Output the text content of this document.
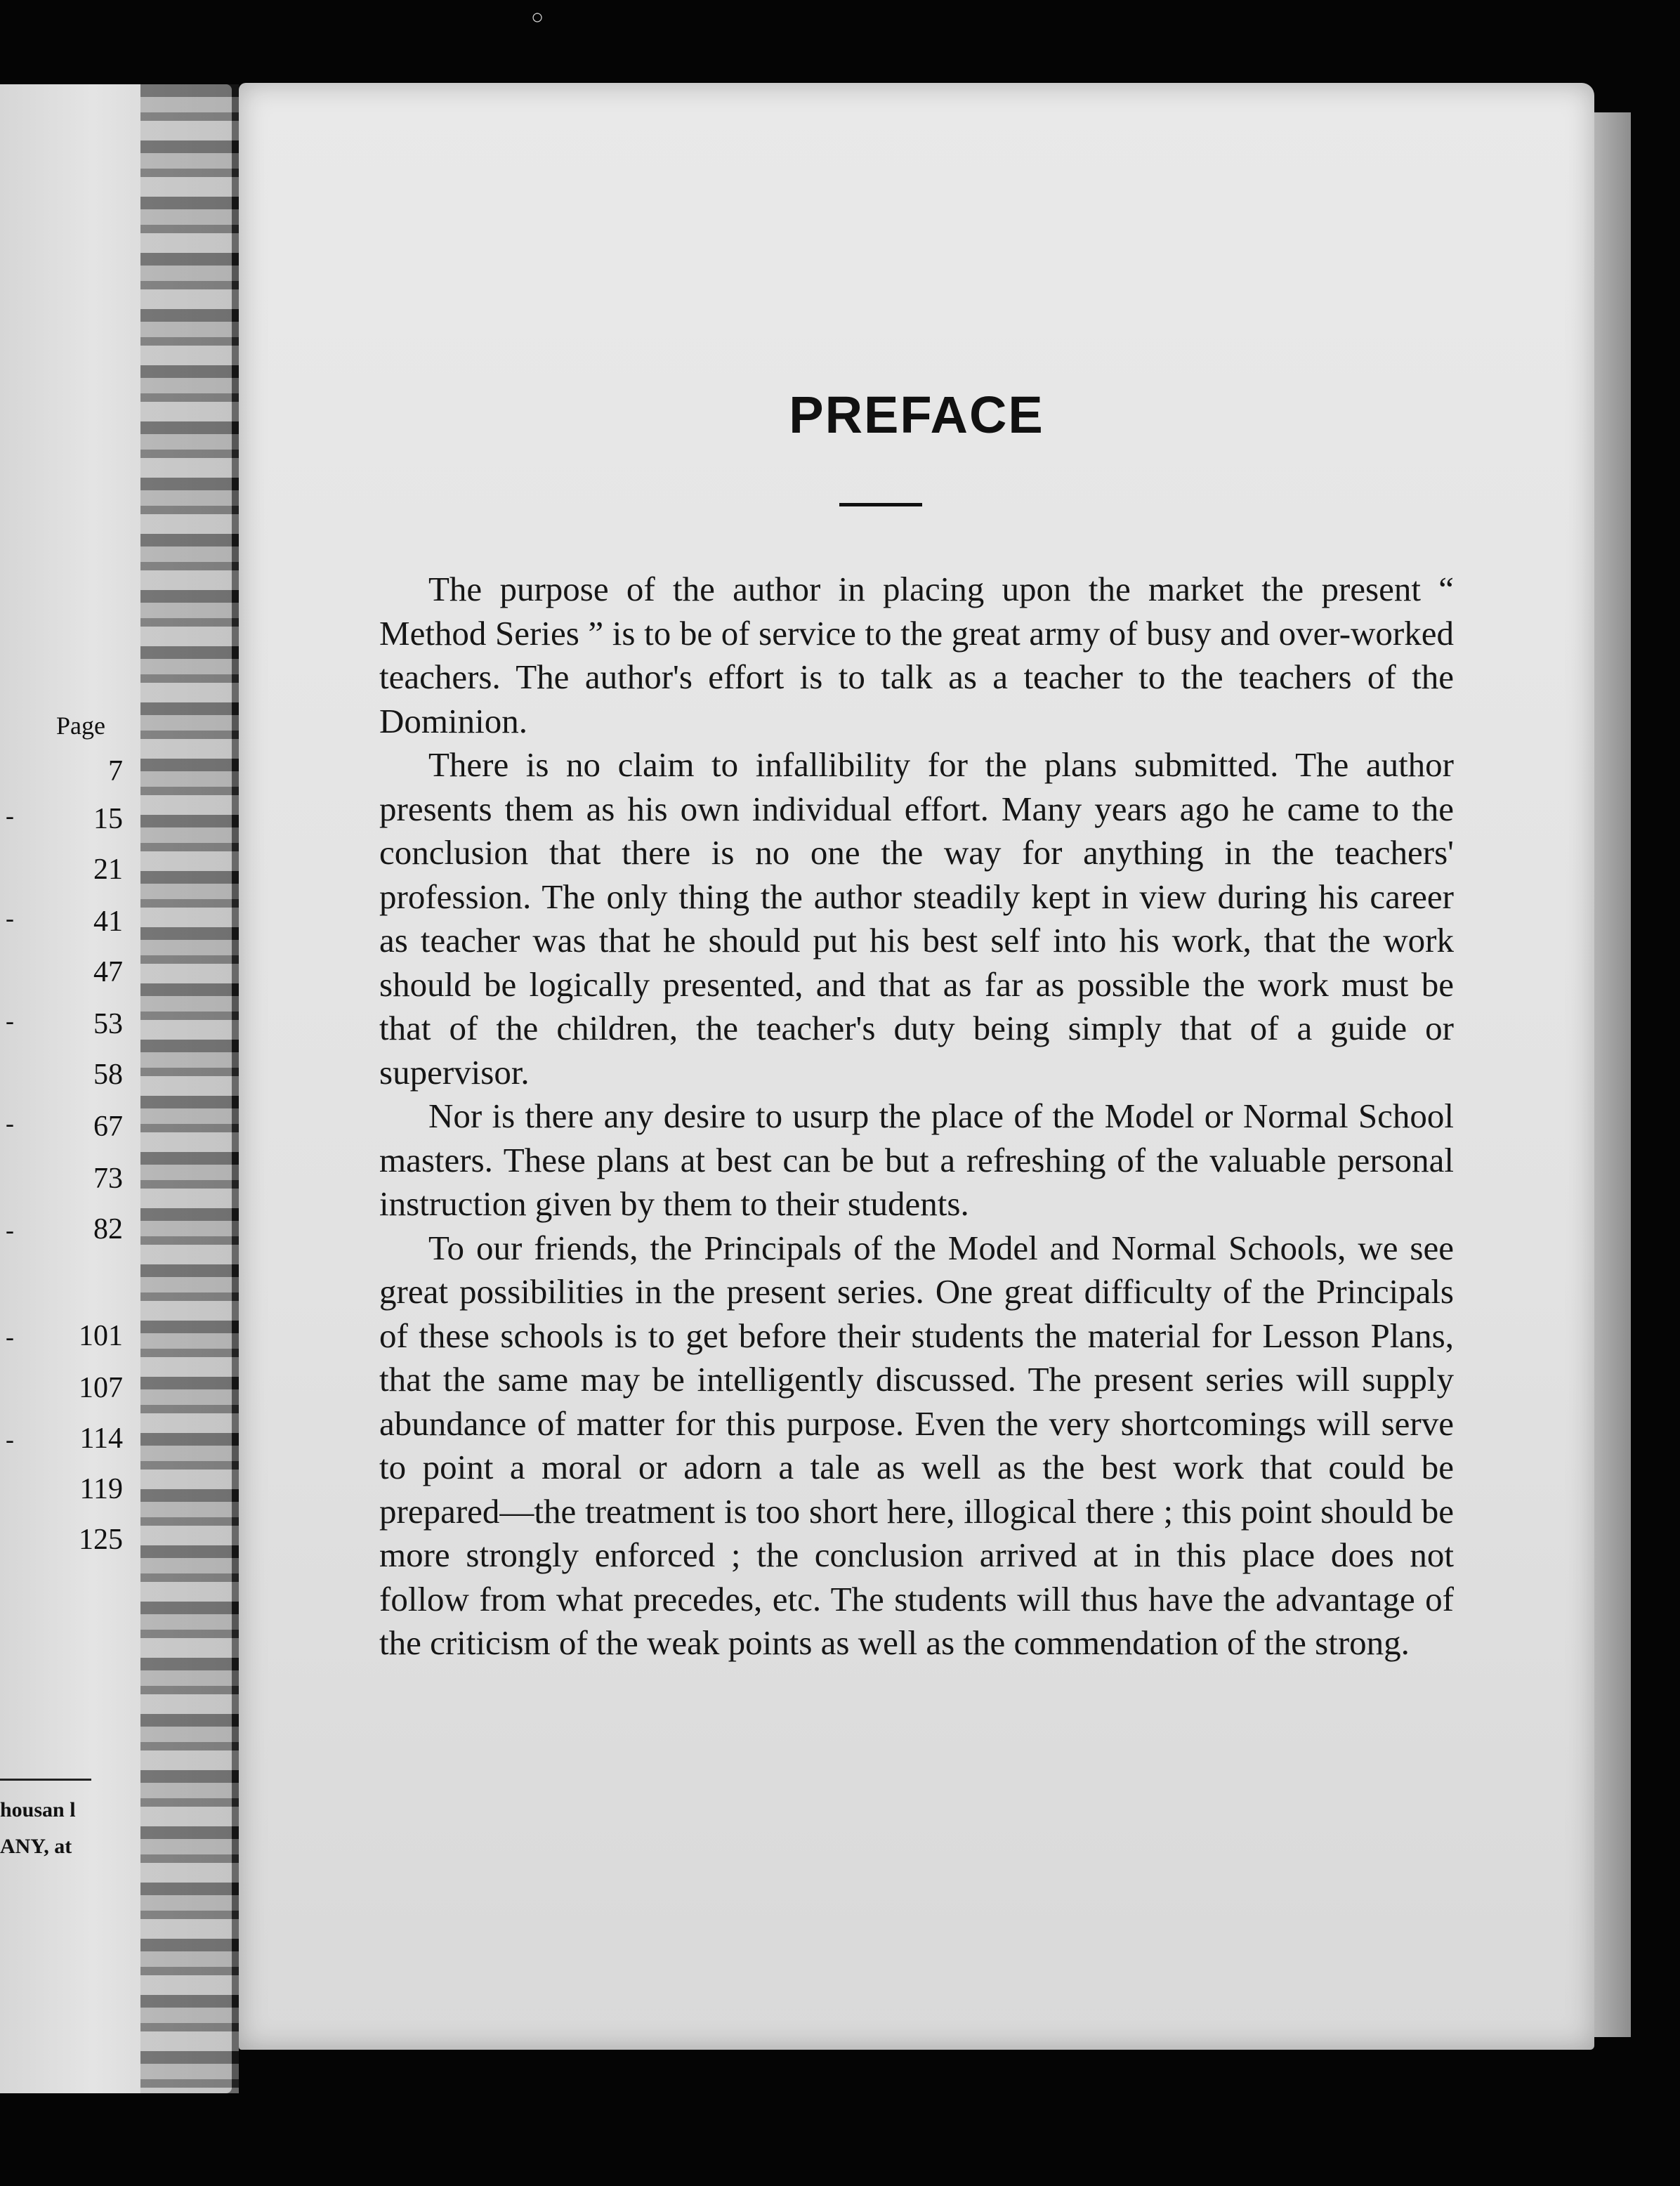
○
Page
7
-	15
21
-	41
47
-	53
58
-	67
73
-	82
-	101
107
-	114
119
125
housan l
ANY, at
PREFACE

The purpose of the author in placing upon the market the present “ Method Series ” is to be of service to the great army of busy and over-worked teachers. The author's effort is to talk as a teacher to the teachers of the Dominion.

There is no claim to infallibility for the plans submitted. The author presents them as his own individual effort. Many years ago he came to the conclusion that there is no one the way for anything in the teachers' profession. The only thing the author steadily kept in view during his career as teacher was that he should put his best self into his work, that the work should be logically presented, and that as far as possible the work must be that of the children, the teacher's duty being simply that of a guide or supervisor.

Nor is there any desire to usurp the place of the Model or Normal School masters. These plans at best can be but a refreshing of the valuable personal instruction given by them to their students.

To our friends, the Principals of the Model and Normal Schools, we see great possibilities in the present series. One great difficulty of the Principals of these schools is to get before their students the material for Lesson Plans, that the same may be intelligently discussed. The present series will supply abundance of matter for this purpose. Even the very shortcomings will serve to point a moral or adorn a tale as well as the best work that could be prepared—the treatment is too short here, illogical there ; this point should be more strongly enforced ; the conclusion arrived at in this place does not follow from what precedes, etc. The students will thus have the advantage of the criticism of the weak points as well as the commendation of the strong.
